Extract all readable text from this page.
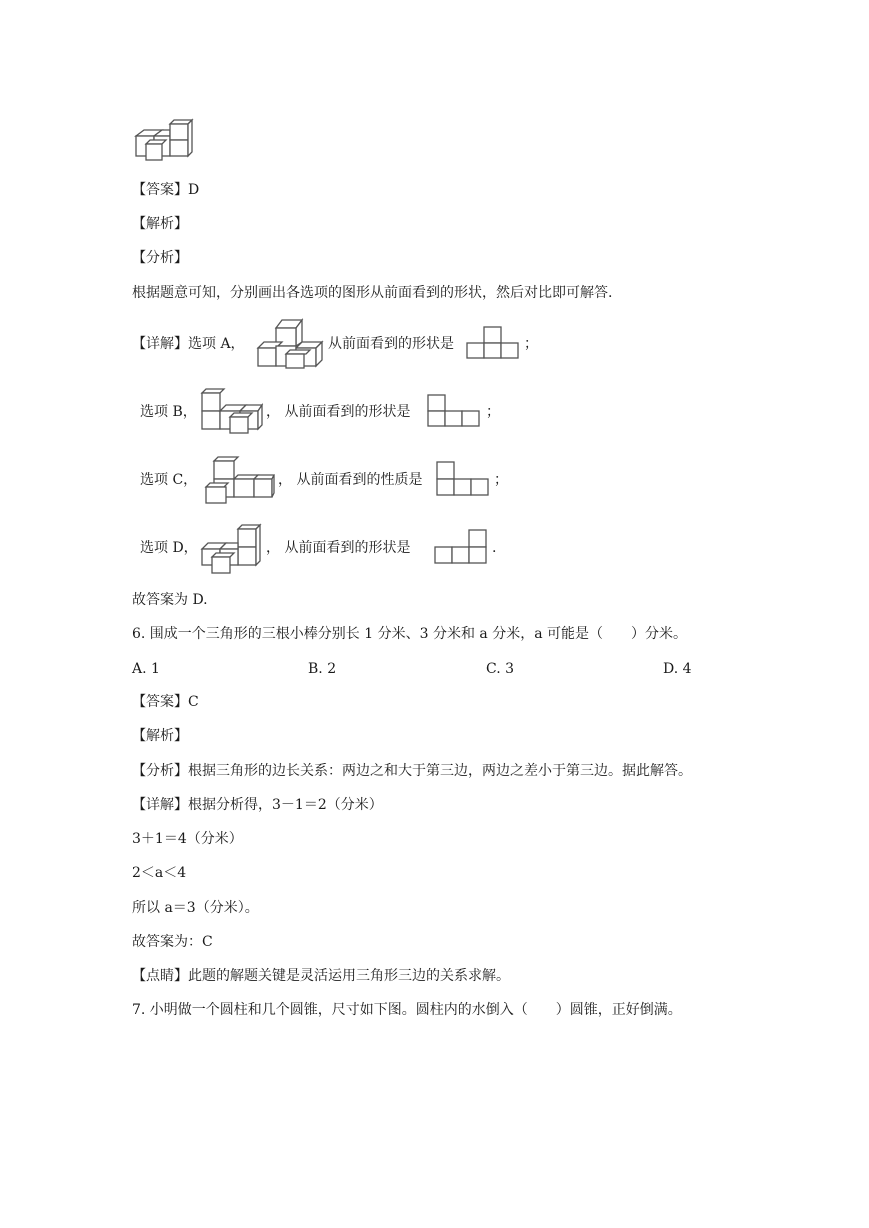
【答案】D
【解析】
【分析】
根据题意可知，分别画出各选项的图形从前面看到的形状，然后对比即可解答.
【详解】选项 A，	从前面看到的形状是	；
选项 B，	， 从前面看到的形状是	；
选项 C，	， 从前面看到的性质是	；
选项 D，	， 从前面看到的形状是	.
故答案为 D.
6. 围成一个三角形的三根小棒分别长 1 分米、3 分米和 a 分米，a 可能是（　　）分米。
A. 1	B. 2	C. 3	D. 4
【答案】C
【解析】
【分析】根据三角形的边长关系：两边之和大于第三边，两边之差小于第三边。据此解答。
【详解】根据分析得，3－1＝2（分米）
3＋1＝4（分米）
2＜a＜4
所以 a＝3（分米）。
故答案为：C
【点睛】此题的解题关键是灵活运用三角形三边的关系求解。
7. 小明做一个圆柱和几个圆锥，尺寸如下图。圆柱内的水倒入（　　）圆锥，正好倒满。
